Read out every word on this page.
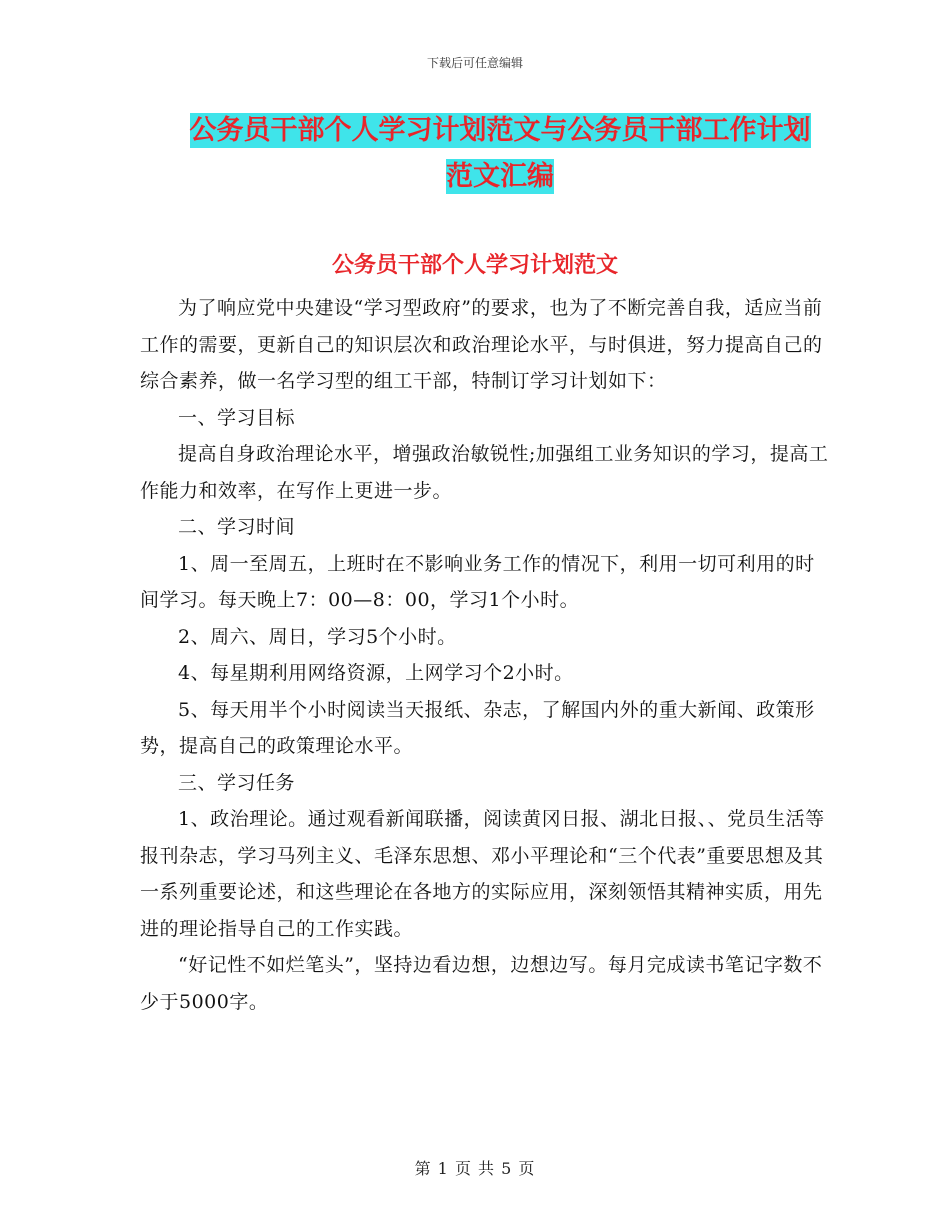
下载后可任意编辑
公务员干部个人学习计划范文与公务员干部工作计划
范文汇编
公务员干部个人学习计划范文

为了响应党中央建设“学习型政府”的要求，也为了不断完善自我，适应当前工作的需要，更新自己的知识层次和政治理论水平，与时俱进，努力提高自己的综合素养，做一名学习型的组工干部，特制订学习计划如下：

一、学习目标

提高自身政治理论水平，增强政治敏锐性;加强组工业务知识的学习，提高工作能力和效率，在写作上更进一步。

二、学习时间

1、周一至周五，上班时在不影响业务工作的情况下，利用一切可利用的时间学习。每天晚上7：00—8：00，学习1个小时。

2、周六、周日，学习5个小时。

4、每星期利用网络资源，上网学习个2小时。

5、每天用半个小时阅读当天报纸、杂志，了解国内外的重大新闻、政策形势，提高自己的政策理论水平。

三、学习任务

1、政治理论。通过观看新闻联播，阅读黄冈日报、湖北日报、、党员生活等报刊杂志，学习马列主义、毛泽东思想、邓小平理论和“三个代表”重要思想及其一系列重要论述，和这些理论在各地方的实际应用，深刻领悟其精神实质，用先进的理论指导自己的工作实践。

“好记性不如烂笔头”，坚持边看边想，边想边写。每月完成读书笔记字数不少于5000字。

第 1 页 共 5 页
